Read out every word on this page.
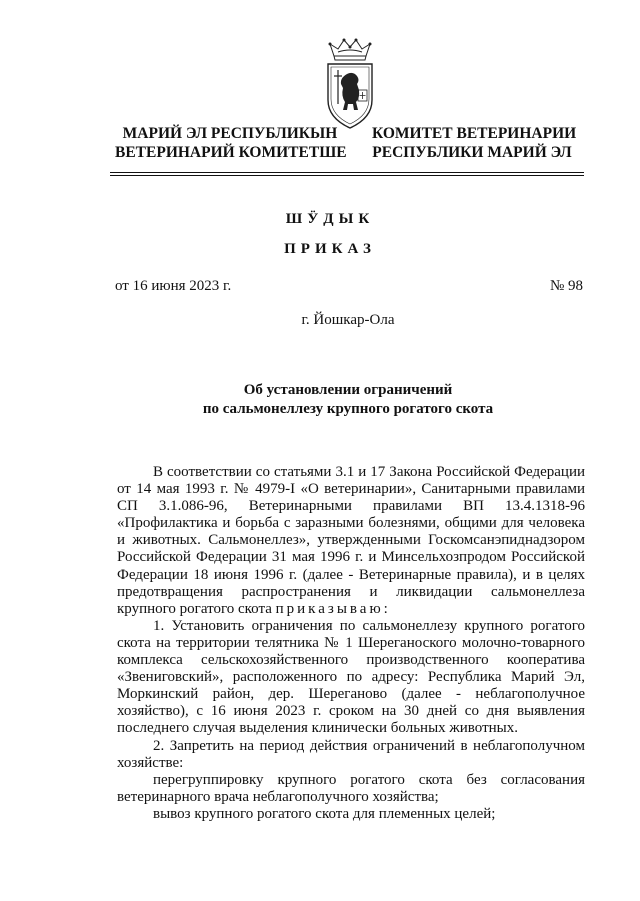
МАРИЙ ЭЛ РЕСПУБЛИКЫН
ВЕТЕРИНАРИЙ КОМИТЕТШЕ
КОМИТЕТ ВЕТЕРИНАРИИ
РЕСПУБЛИКИ МАРИЙ ЭЛ
ШӰДЫК
ПРИКАЗ
от 16 июня 2023 г.	№ 98
г. Йошкар-Ола
Об установлении ограничений
по сальмонеллезу крупного рогатого скота

В соответствии со статьями 3.1 и 17 Закона Российской Федерации от 14 мая 1993 г. № 4979-I «О ветеринарии», Санитарными правилами СП 3.1.086-96, Ветеринарными правилами ВП 13.4.1318-96 «Профилактика и борьба с заразными болезнями, общими для человека и животных. Сальмонеллез», утвержденными Госкомсанэпиднадзором Российской Федерации 31 мая 1996 г. и Минсельхозпродом Российской Федерации 18 июня 1996 г. (далее - Ветеринарные правила), и в целях предотвращения распространения и ликвидации сальмонеллеза крупного рогатого скота приказываю:

1. Установить ограничения по сальмонеллезу крупного рогатого скота на территории телятника № 1 Шереганоского молочно-товарного комплекса сельскохозяйственного производственного кооператива «Звениговский», расположенного по адресу: Республика Марий Эл, Моркинский район, дер. Шереганово (далее - неблагополучное хозяйство), с 16 июня 2023 г. сроком на 30 дней со дня выявления последнего случая выделения клинически больных животных.

2. Запретить на период действия ограничений в неблагополучном хозяйстве:

перегруппировку крупного рогатого скота без согласования ветеринарного врача неблагополучного хозяйства;

вывоз крупного рогатого скота для племенных целей;
